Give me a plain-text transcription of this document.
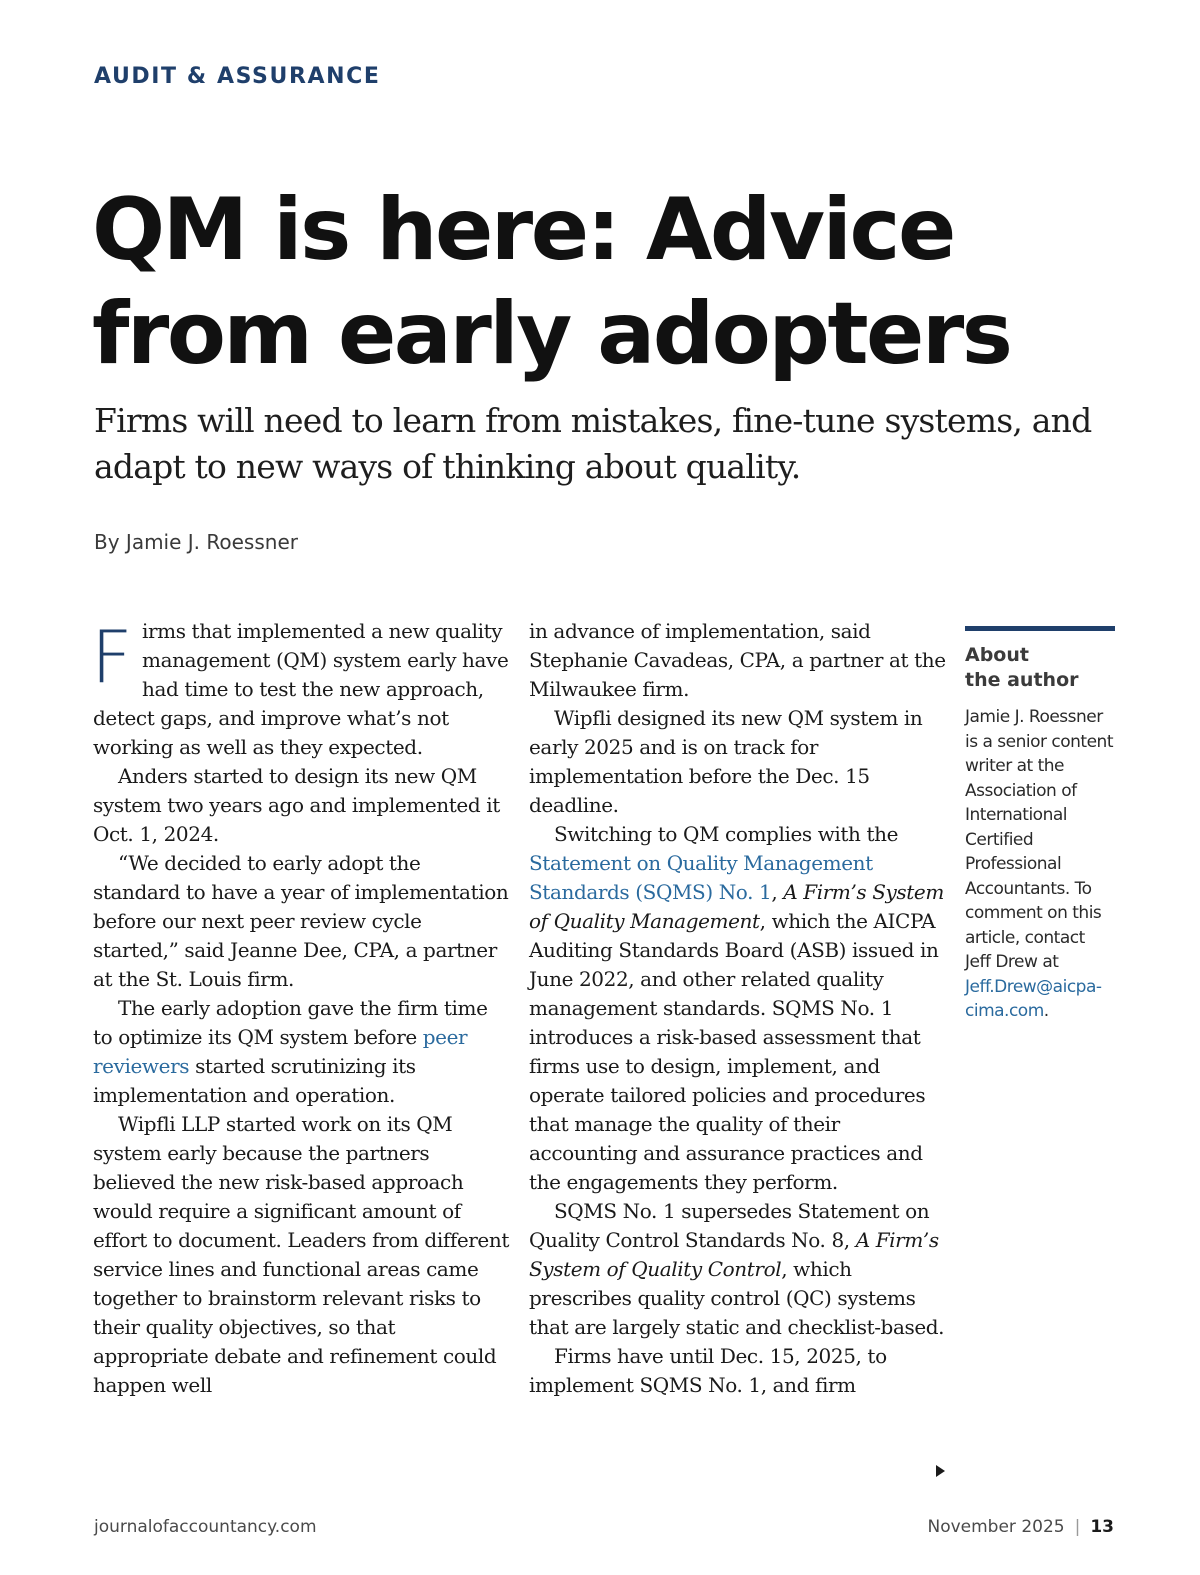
AUDIT & ASSURANCE
QM is here: Advice
from early adopters

Firms will need to learn from mistakes, fine-tune systems, and adapt to new ways of thinking about quality.

By Jamie J. Roessner

Firms that implemented a new quality management (QM) system early have had time to test the new approach, detect gaps, and improve what’s not working as well as they expected.

Anders started to design its new QM system two years ago and implemented it Oct. 1, 2024.

“We decided to early adopt the standard to have a year of implementation before our next peer review cycle started,” said Jeanne Dee, CPA, a partner at the St. Louis firm.

The early adoption gave the firm time to optimize its QM system before peer reviewers started scrutinizing its implementation and operation.

Wipfli LLP started work on its QM system early because the partners believed the new risk-based approach would require a significant amount of effort to document. Leaders from different service lines and functional areas came together to brainstorm relevant risks to their quality objectives, so that appropriate debate and refinement could happen well

in advance of implementation, said Stephanie Cavadeas, CPA, a partner at the Milwaukee firm.

Wipfli designed its new QM system in early 2025 and is on track for implementation before the Dec. 15 deadline.

Switching to QM complies with the Statement on Quality Management Standards (SQMS) No. 1, A Firm’s System of Quality Management, which the AICPA Auditing Standards Board (ASB) issued in June 2022, and other related quality management standards. SQMS No. 1 introduces a risk-based assessment that firms use to design, implement, and operate tailored policies and procedures that manage the quality of their accounting and assurance practices and the engagements they perform.

SQMS No. 1 supersedes Statement on Quality Control Standards No. 8, A Firm’s System of Quality Control, which prescribes quality control (QC) systems that are largely static and checklist-based.

Firms have until Dec. 15, 2025, to implement SQMS No. 1, and firm

About
the author
Jamie J. Roessner is a senior content writer at the Association of International Certified Professional Accountants. To comment on this article, contact Jeff Drew at Jeff.Drew@aicpa-cima.com.
journalofaccountancy.com	November 2025 | 13
